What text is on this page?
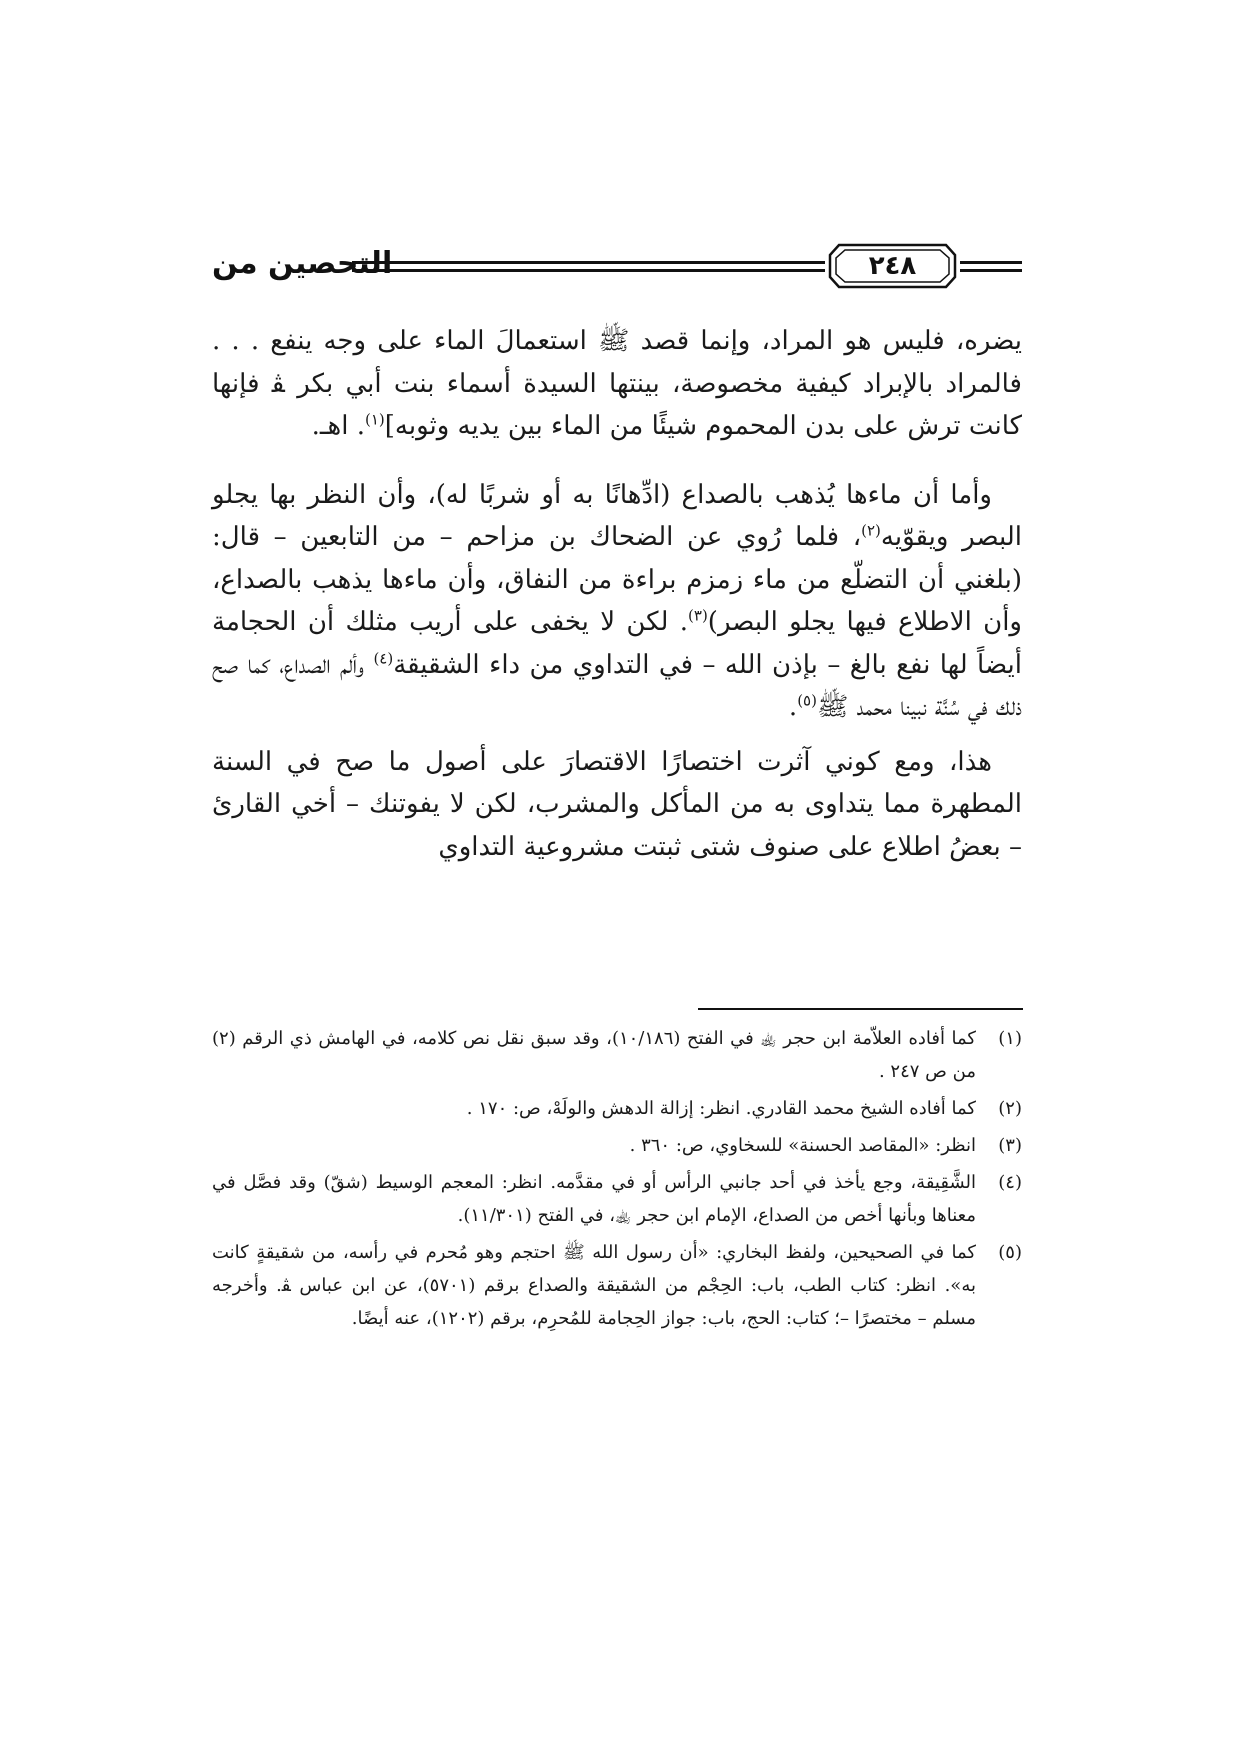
التحصين من	٢٤٨

يضره، فليس هو المراد، وإنما قصد ﷺ استعمالَ الماء على وجه ينفع . . . فالمراد بالإبراد كيفية مخصوصة، بينتها السيدة أسماء بنت أبي بكر ﭭ فإنها كانت ترش على بدن المحموم شيئًا من الماء بين يديه وثوبه]$^{(١)}$. اهـ.

وأما أن ماءها يُذهب بالصداع (ادِّهانًا به أو شربًا له)، وأن النظر بها يجلو البصر ويقوّيه$^{(٢)}$، فلما رُوي عن الضحاك بن مزاحم – من التابعين – قال: (بلغني أن التضلّع من ماء زمزم براءة من النفاق، وأن ماءها يذهب بالصداع، وأن الاطلاع فيها يجلو البصر)$^{(٣)}$. لكن لا يخفى على أريب مثلك أن الحجامة أيضاً لها نفع بالغ – بإذن الله – في التداوي من داء الشقيقة$^{(٤)}$ وألم الصداع، كما صح ذلك في سُنَّة نبينا محمد ﷺ$^{(٥)}$.

هذا، ومع كوني آثرت اختصارًا الاقتصارَ على أصول ما صح في السنة المطهرة مما يتداوى به من المأكل والمشرب، لكن لا يفوتنك – أخي القارئ – بعضُ اطلاع على صنوف شتى ثبتت مشروعية التداوي

(١)
كما أفاده العلاّمة ابن حجر ﵀ في الفتح (١٠/١٨٦)، وقد سبق نقل نص كلامه، في الهامش ذي الرقم (٢) من ص ٢٤٧ .
(٢)
كما أفاده الشيخ محمد القادري. انظر: إزالة الدهش والولَهْ، ص: ١٧٠ .
(٣)
انظر: «المقاصد الحسنة» للسخاوي، ص: ٣٦٠ .
(٤)
الشَّقِيقة، وجع يأخذ في أحد جانبي الرأس أو في مقدَّمه. انظر: المعجم الوسيط (شقّ) وقد فصَّل في معناها وبأنها أخص من الصداع، الإمام ابن حجر ﵀، في الفتح (١١/٣٠١).
(٥)
كما في الصحيحين، ولفظ البخاري: «أن رسول الله ﷺ احتجم وهو مُحرم في رأسه، من شقيقةٍ كانت به». انظر: كتاب الطب، باب: الحِجْم من الشقيقة والصداع برقم (٥٧٠١)، عن ابن عباس ﭭ. وأخرجه مسلم – مختصرًا –؛ كتاب: الحج، باب: جواز الحِجامة للمُحرِم، برقم (١٢٠٢)، عنه أيضًا.
